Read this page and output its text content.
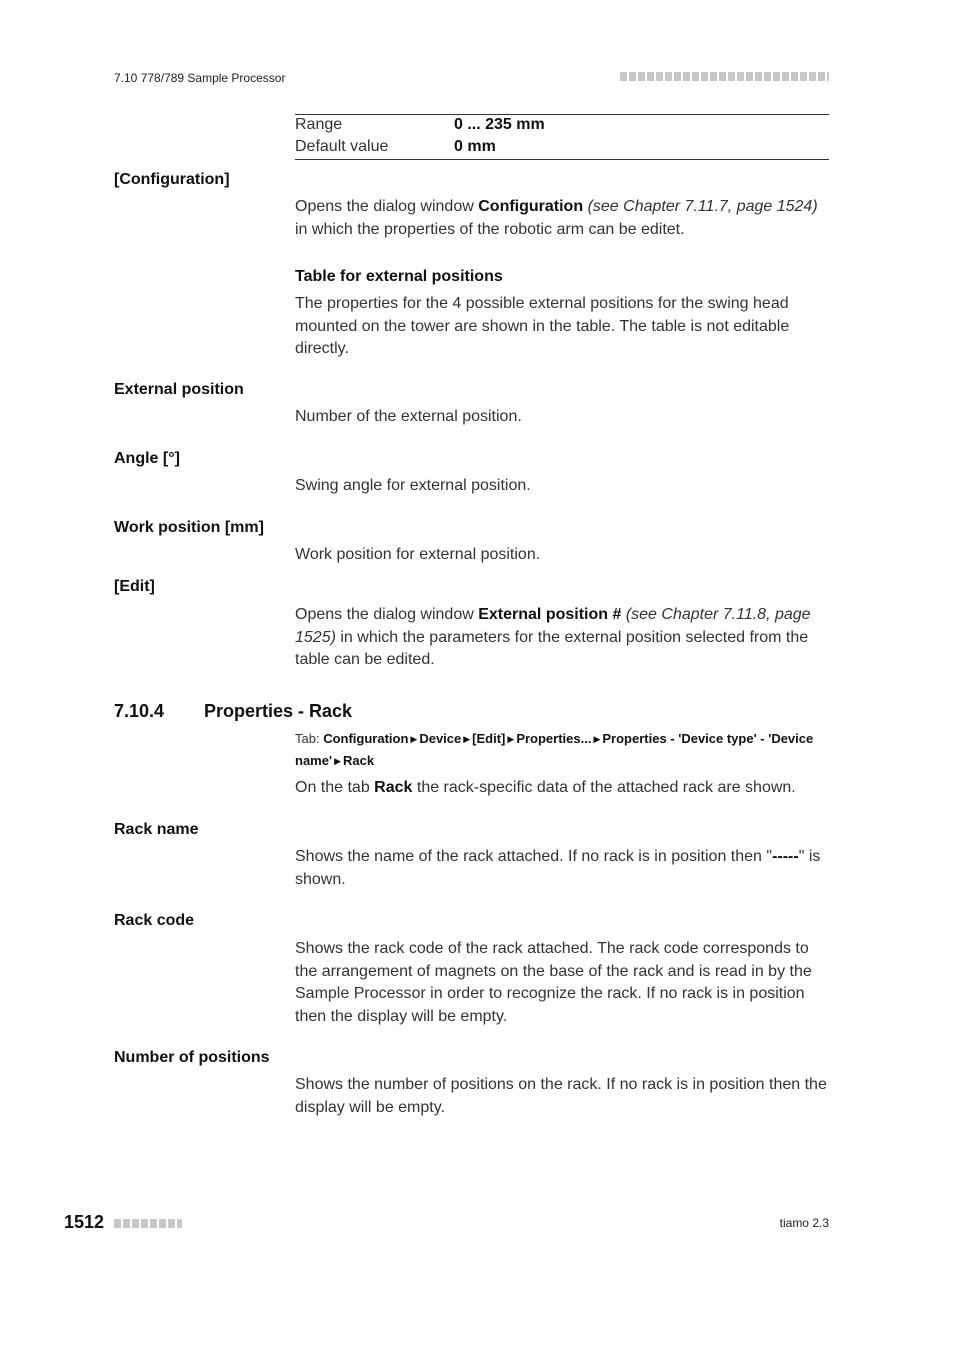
7.10 778/789 Sample Processor
Range	0 ... 235 mm
Default value	0 mm
[Configuration]
Opens the dialog window Configuration (see Chapter 7.11.7, page 1524) in which the properties of the robotic arm can be editet.
Table for external positions
The properties for the 4 possible external positions for the swing head mounted on the tower are shown in the table. The table is not editable directly.
External position
Number of the external position.
Angle [°]
Swing angle for external position.
Work position [mm]
Work position for external position.
[Edit]
Opens the dialog window External position # (see Chapter 7.11.8, page 1525) in which the parameters for the external position selected from the table can be edited.
7.10.4 Properties - Rack
Tab: Configuration ▶ Device ▶ [Edit] ▶ Properties... ▶ Properties - 'Device type' - 'Device name' ▶ Rack
On the tab Rack the rack-specific data of the attached rack are shown.
Rack name
Shows the name of the rack attached. If no rack is in position then "-----" is shown.
Rack code
Shows the rack code of the rack attached. The rack code corresponds to the arrangement of magnets on the base of the rack and is read in by the Sample Processor in order to recognize the rack. If no rack is in position then the display will be empty.
Number of positions
Shows the number of positions on the rack. If no rack is in position then the display will be empty.
1512	tiamo 2.3
